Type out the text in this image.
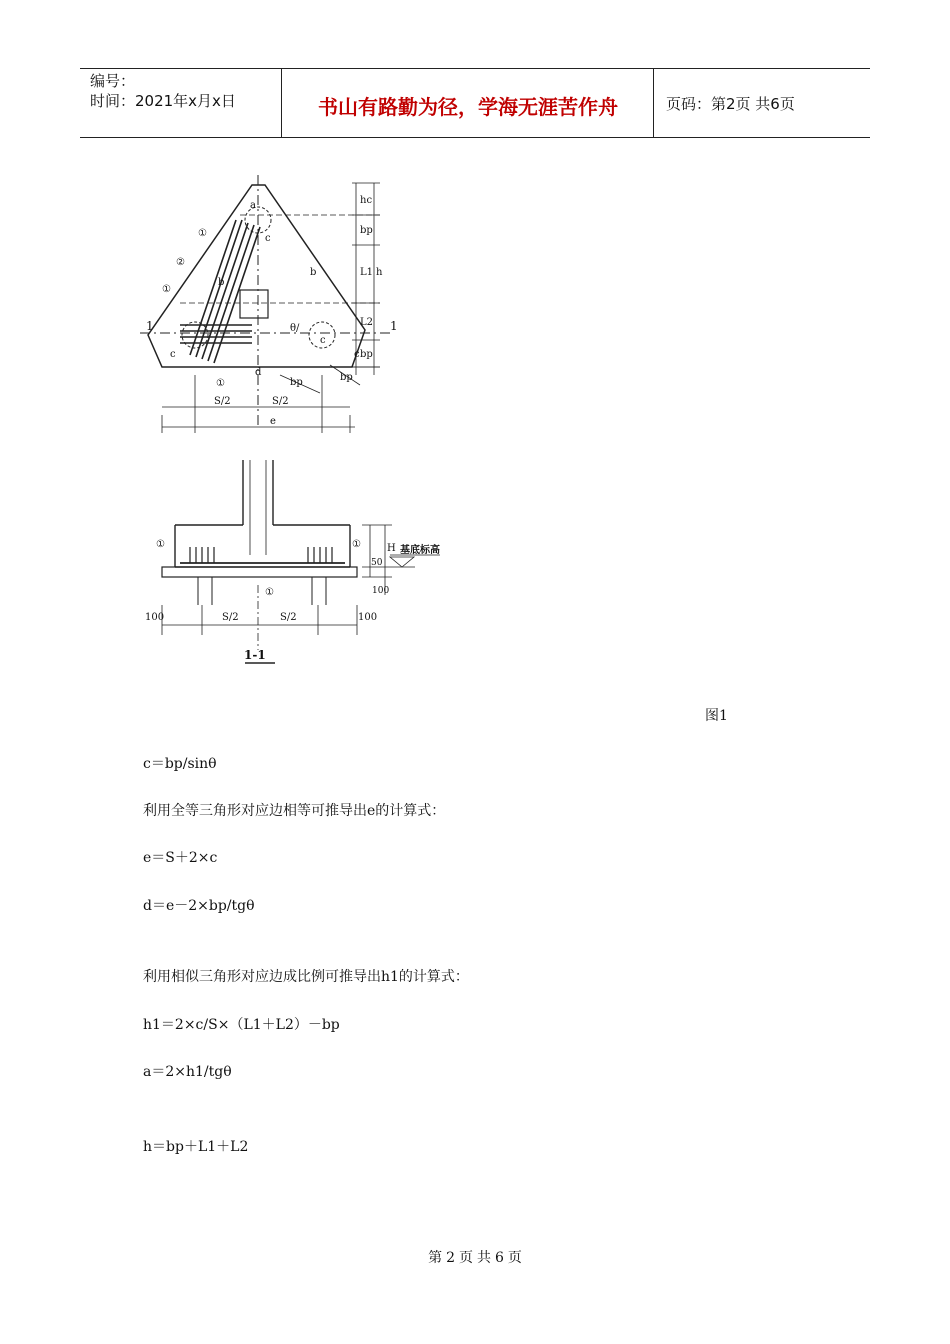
编号：
时间：2021年x月x日	书山有路勤为径，学海无涯苦作舟	页码：第2页 共6页
1	1
①
②
①
①
a
c
b
b
θ/
c
c	c
d
bp	bp
S/2	S/2
e
hc
bp
L1 h
L2
bp
①	①
①
100	S/2	S/2	100
1-1
50
H
100
基底标高
图1
c＝bp/sinθ
利用全等三角形对应边相等可推导出e的计算式：
e＝S＋2×c
d＝e－2×bp/tgθ
利用相似三角形对应边成比例可推导出h1的计算式：
h1＝2×c/S×（L1＋L2）－bp
a＝2×h1/tgθ
h＝bp＋L1＋L2
第 2 页 共 6 页
